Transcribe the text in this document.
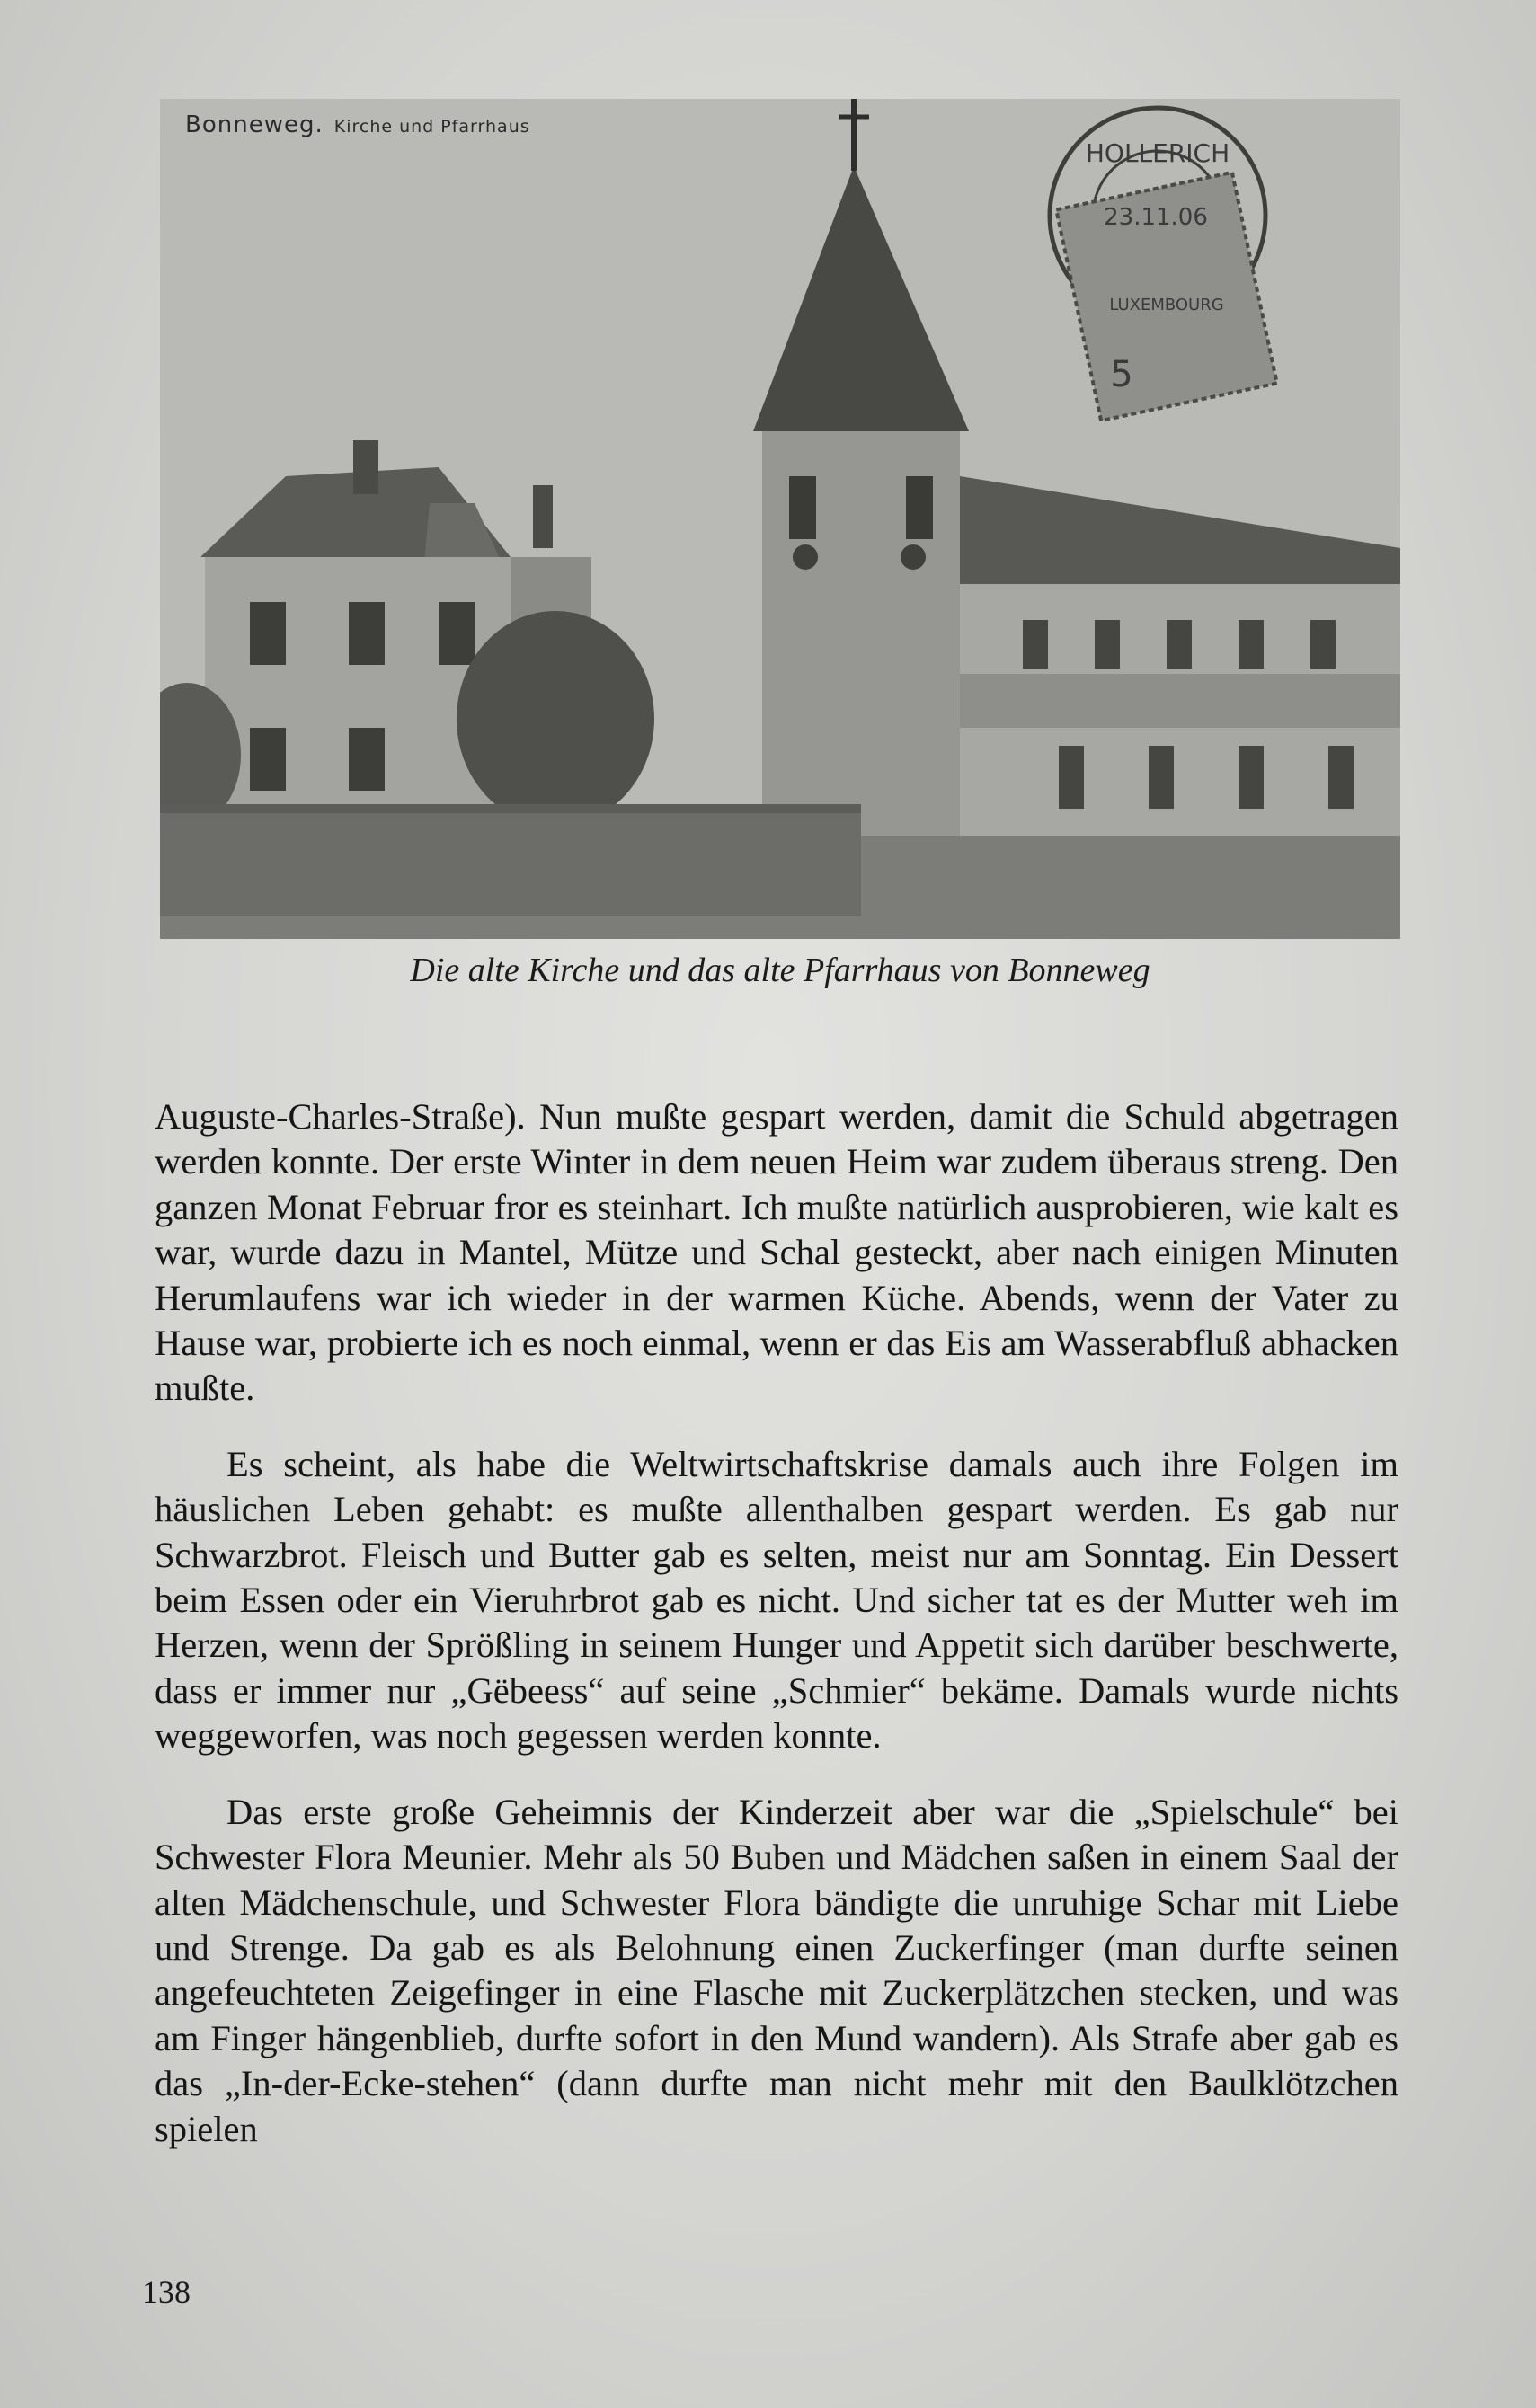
HOLLERICH
23.11.06
LUXEMBOURG
5
Bonneweg. Kirche und Pfarrhaus
Die alte Kirche und das alte Pfarrhaus von Bonneweg

Auguste-Charles-Straße). Nun mußte gespart werden, damit die Schuld abgetragen werden konnte. Der erste Winter in dem neuen Heim war zudem überaus streng. Den ganzen Monat Februar fror es steinhart. Ich mußte natürlich ausprobieren, wie kalt es war, wurde dazu in Mantel, Mütze und Schal gesteckt, aber nach einigen Minuten Herumlaufens war ich wieder in der warmen Küche. Abends, wenn der Vater zu Hause war, probierte ich es noch einmal, wenn er das Eis am Wasserabfluß abhacken mußte.

Es scheint, als habe die Weltwirtschaftskrise damals auch ihre Folgen im häuslichen Leben gehabt: es mußte allenthalben gespart werden. Es gab nur Schwarzbrot. Fleisch und Butter gab es selten, meist nur am Sonntag. Ein Dessert beim Essen oder ein Vieruhrbrot gab es nicht. Und sicher tat es der Mutter weh im Herzen, wenn der Sprößling in seinem Hunger und Appetit sich darüber beschwerte, dass er immer nur „Gëbeess“ auf seine „Schmier“ bekäme. Damals wurde nichts weggeworfen, was noch gegessen werden konnte.

Das erste große Geheimnis der Kinderzeit aber war die „Spielschule“ bei Schwester Flora Meunier. Mehr als 50 Buben und Mädchen saßen in einem Saal der alten Mädchenschule, und Schwester Flora bändigte die unruhige Schar mit Liebe und Strenge. Da gab es als Belohnung einen Zuckerfinger (man durfte seinen angefeuchteten Zeigefinger in eine Flasche mit Zuckerplätzchen stecken, und was am Finger hängenblieb, durfte sofort in den Mund wandern). Als Strafe aber gab es das „In-der-Ecke-stehen“ (dann durfte man nicht mehr mit den Baulklötzchen spielen

138
